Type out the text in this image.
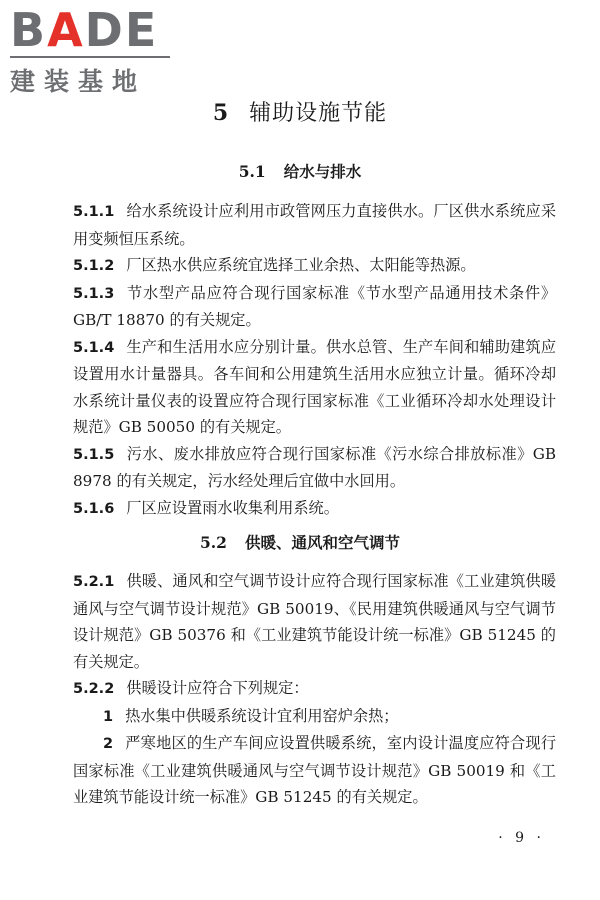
BADE
建装基地
5 辅助设施节能
5.1 给水与排水

5.1.1 给水系统设计应利用市政管网压力直接供水。厂区供水系统应采用变频恒压系统。

5.1.2 厂区热水供应系统宜选择工业余热、太阳能等热源。

5.1.3 节水型产品应符合现行国家标准《节水型产品通用技术条件》GB/T 18870 的有关规定。

5.1.4 生产和生活用水应分别计量。供水总管、生产车间和辅助建筑应设置用水计量器具。各车间和公用建筑生活用水应独立计量。循环冷却水系统计量仪表的设置应符合现行国家标准《工业循环冷却水处理设计规范》GB 50050 的有关规定。

5.1.5 污水、废水排放应符合现行国家标准《污水综合排放标准》GB 8978 的有关规定，污水经处理后宜做中水回用。

5.1.6 厂区应设置雨水收集利用系统。

5.2 供暖、通风和空气调节

5.2.1 供暖、通风和空气调节设计应符合现行国家标准《工业建筑供暖通风与空气调节设计规范》GB 50019、《民用建筑供暖通风与空气调节设计规范》GB 50376 和《工业建筑节能设计统一标准》GB 51245 的有关规定。

5.2.2 供暖设计应符合下列规定：

1 热水集中供暖系统设计宜利用窑炉余热；

2 严寒地区的生产车间应设置供暖系统，室内设计温度应符合现行国家标准《工业建筑供暖通风与空气调节设计规范》GB 50019 和《工业建筑节能设计统一标准》GB 51245 的有关规定。

· 9 ·
